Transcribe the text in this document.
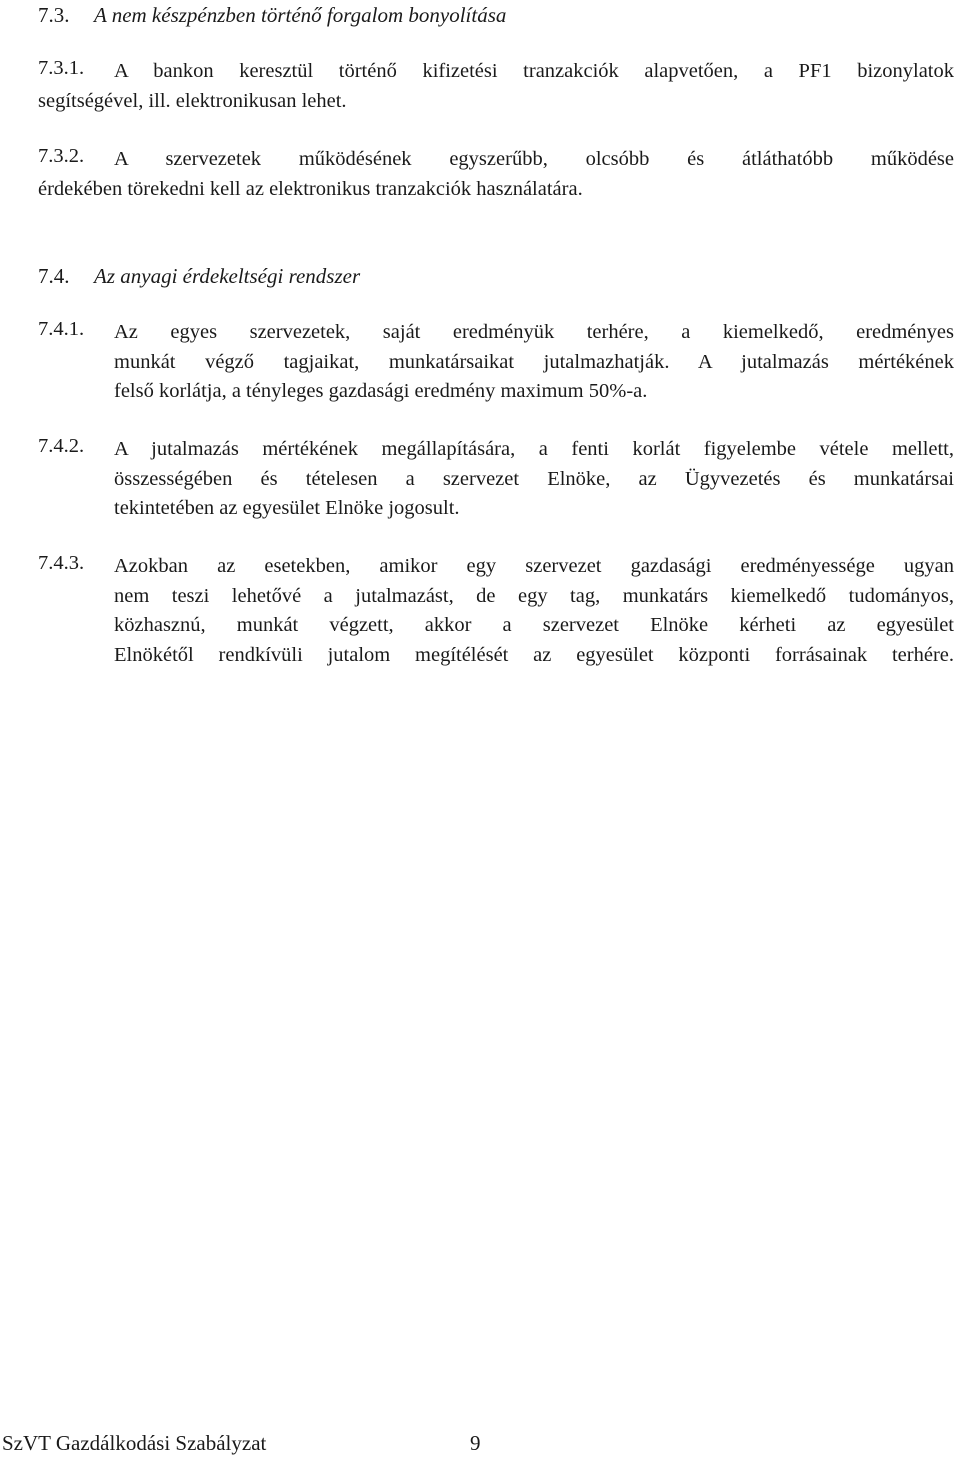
7.3. A nem készpénzben történő forgalom bonyolítása
7.3.1. A bankon keresztül történő kifizetési tranzakciók alapvetően, a PF1 bizonylatok
segítségével, ill. elektronikusan lehet.
7.3.2. A szervezetek működésének egyszerűbb, olcsóbb és átláthatóbb működése
érdekében törekedni kell az elektronikus tranzakciók használatára.
7.4. Az anyagi érdekeltségi rendszer
7.4.1. Az egyes szervezetek, saját eredményük terhére, a kiemelkedő, eredményes
munkát végző tagjaikat, munkatársaikat jutalmazhatják. A jutalmazás mértékének
felső korlátja, a tényleges gazdasági eredmény maximum 50%-a.
7.4.2. A jutalmazás mértékének megállapítására, a fenti korlát figyelembe vétele mellett,
összességében és tételesen a szervezet Elnöke, az Ügyvezetés és munkatársai
tekintetében az egyesület Elnöke jogosult.
7.4.3. Azokban az esetekben, amikor egy szervezet gazdasági eredményessége ugyan
nem teszi lehetővé a jutalmazást, de egy tag, munkatárs kiemelkedő tudományos,
közhasznú, munkát végzett, akkor a szervezet Elnöke kérheti az egyesület
Elnökétől rendkívüli jutalom megítélését az egyesület központi forrásainak terhére.
SzVT Gazdálkodási Szabályzat	9
